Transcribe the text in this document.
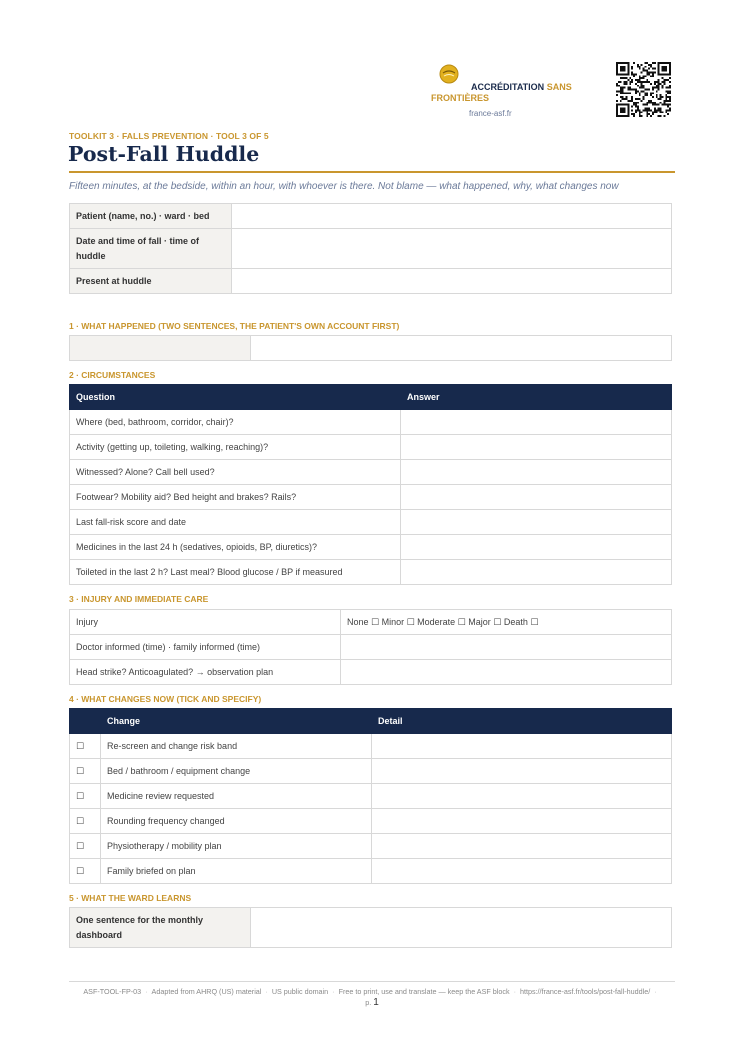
ACCRÉDITATION SANS FRONTIÈRES
france-asf.fr
TOOLKIT 3 · FALLS PREVENTION · TOOL 3 OF 5
Post-Fall Huddle
Fifteen minutes, at the bedside, within an hour, with whoever is there. Not blame — what happened, why, what changes now
Patient (name, no.) · ward · bed	
Date and time of fall · time of huddle	
Present at huddle	
1 · WHAT HAPPENED (TWO SENTENCES, THE PATIENT'S OWN ACCOUNT FIRST)

2 · CIRCUMSTANCES
Question	Answer
Where (bed, bathroom, corridor, chair)?	
Activity (getting up, toileting, walking, reaching)?	
Witnessed? Alone? Call bell used?	
Footwear? Mobility aid? Bed height and brakes? Rails?	
Last fall-risk score and date	
Medicines in the last 24 h (sedatives, opioids, BP, diuretics)?	
Toileted in the last 2 h? Last meal? Blood glucose / BP if measured	
3 · INJURY AND IMMEDIATE CARE
Injury	None ☐ Minor ☐ Moderate ☐ Major ☐ Death ☐
Doctor informed (time) · family informed (time)	
Head strike? Anticoagulated? → observation plan	
4 · WHAT CHANGES NOW (TICK AND SPECIFY)
	Change	Detail
☐	Re-screen and change risk band	
☐	Bed / bathroom / equipment change	
☐	Medicine review requested	
☐	Rounding frequency changed	
☐	Physiotherapy / mobility plan	
☐	Family briefed on plan	
5 · WHAT THE WARD LEARNS
One sentence for the monthly dashboard	
ASF-TOOL-FP-03 · Adapted from AHRQ (US) material · US public domain · Free to print, use and translate — keep the ASF block · https://france-asf.fr/tools/post-fall-huddle/ ·
p. 1
